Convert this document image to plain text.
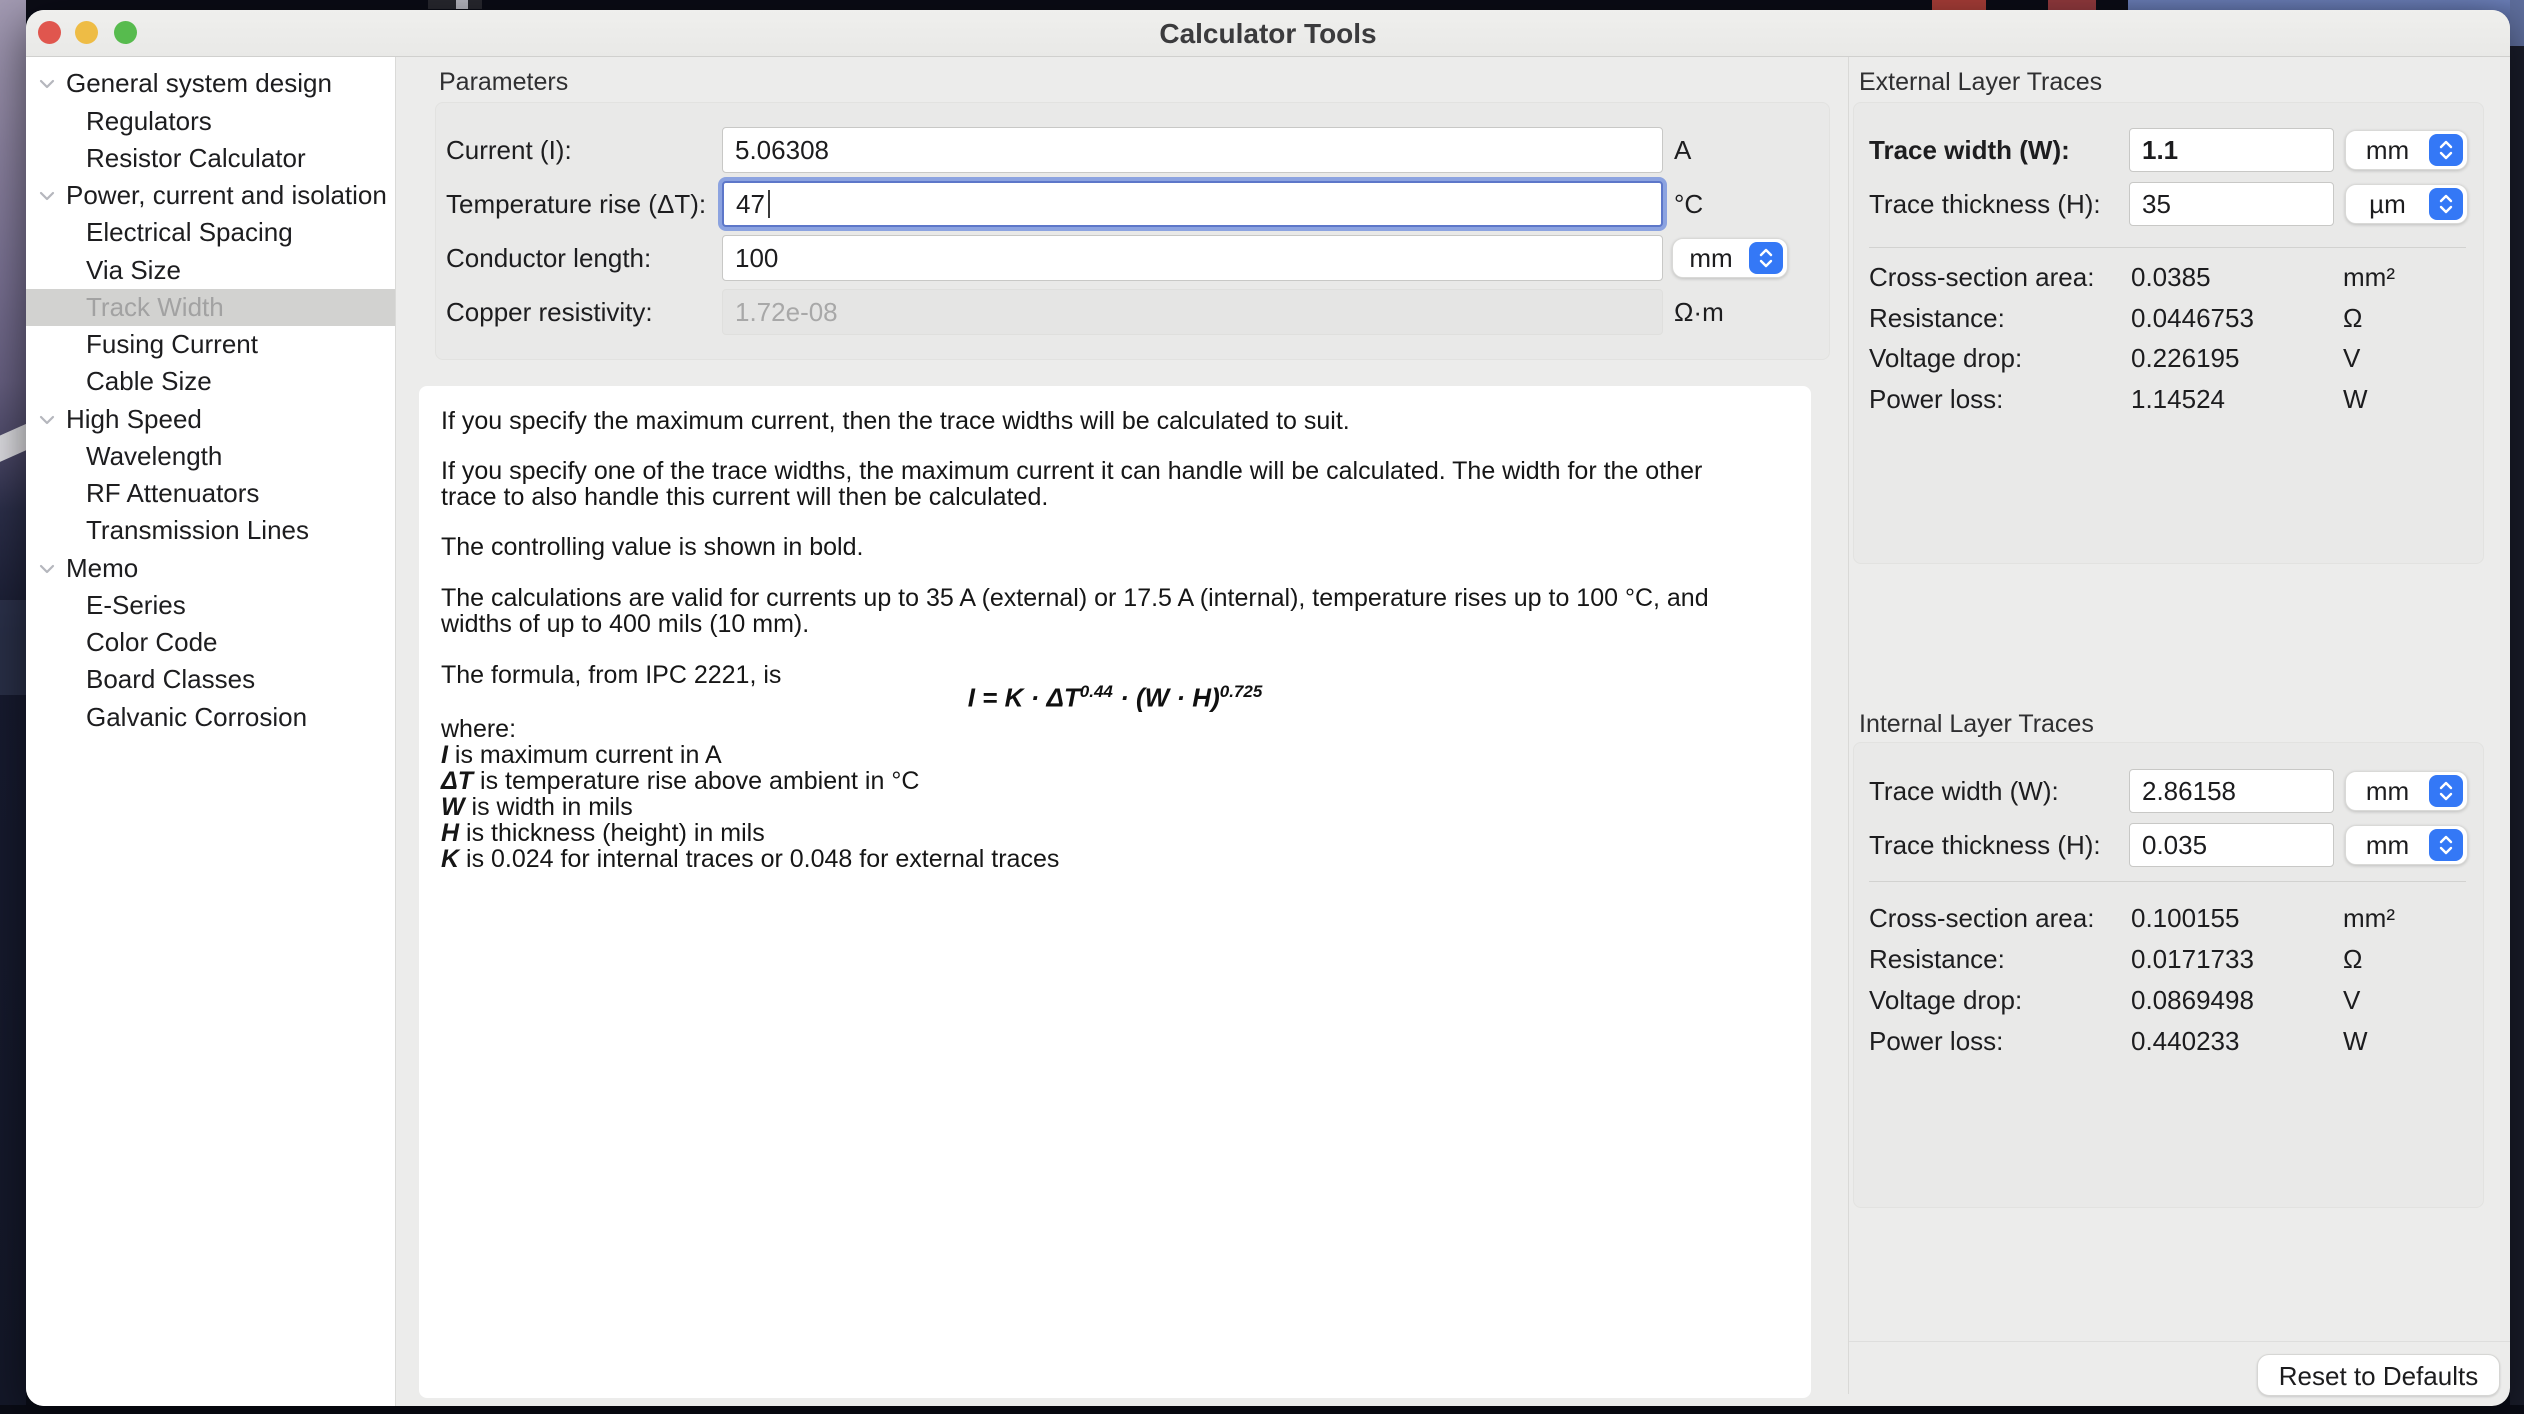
Calculator Tools
General system design
Regulators
Resistor Calculator
Power, current and isolation
Electrical Spacing
Via Size
Track Width
Fusing Current
Cable Size
High Speed
Wavelength
RF Attenuators
Transmission Lines
Memo
E-Series
Color Code
Board Classes
Galvanic Corrosion
Parameters
Current (I):
5.06308	A
Temperature rise (ΔT):
47	°C
Conductor length:
100	mm
Copper resistivity:
1.72e-08	Ω·m
If you specify the maximum current, then the trace widths will be calculated to suit.
If you specify one of the trace widths, the maximum current it can handle will be calculated. The width for the other
trace to also handle this current will then be calculated.
The controlling value is shown in bold.
The calculations are valid for currents up to 35 A (external) or 17.5 A (internal), temperature rises up to 100 °C, and
widths of up to 400 mils (10 mm).
The formula, from IPC 2221, is
$I = K \cdot \Delta T^{0.44} \cdot (W \cdot H)^{0.725}$
where:
I is maximum current in A
ΔT is temperature rise above ambient in °C
W is width in mils
H is thickness (height) in mils
K is 0.024 for internal traces or 0.048 for external traces
External Layer Traces
Trace width (W):
1.1	mm
Trace thickness (H):
35	µm
Cross-section area: 0.0385	mm²
Resistance:	0.0446753	Ω
Voltage drop:	0.226195	V
Power loss:	1.14524	W
Internal Layer Traces
Trace width (W):
2.86158	mm
Trace thickness (H):
0.035	mm
Cross-section area: 0.100155	mm²
Resistance:	0.0171733	Ω
Voltage drop:	0.0869498	V
Power loss:	0.440233	W
Reset to Defaults
